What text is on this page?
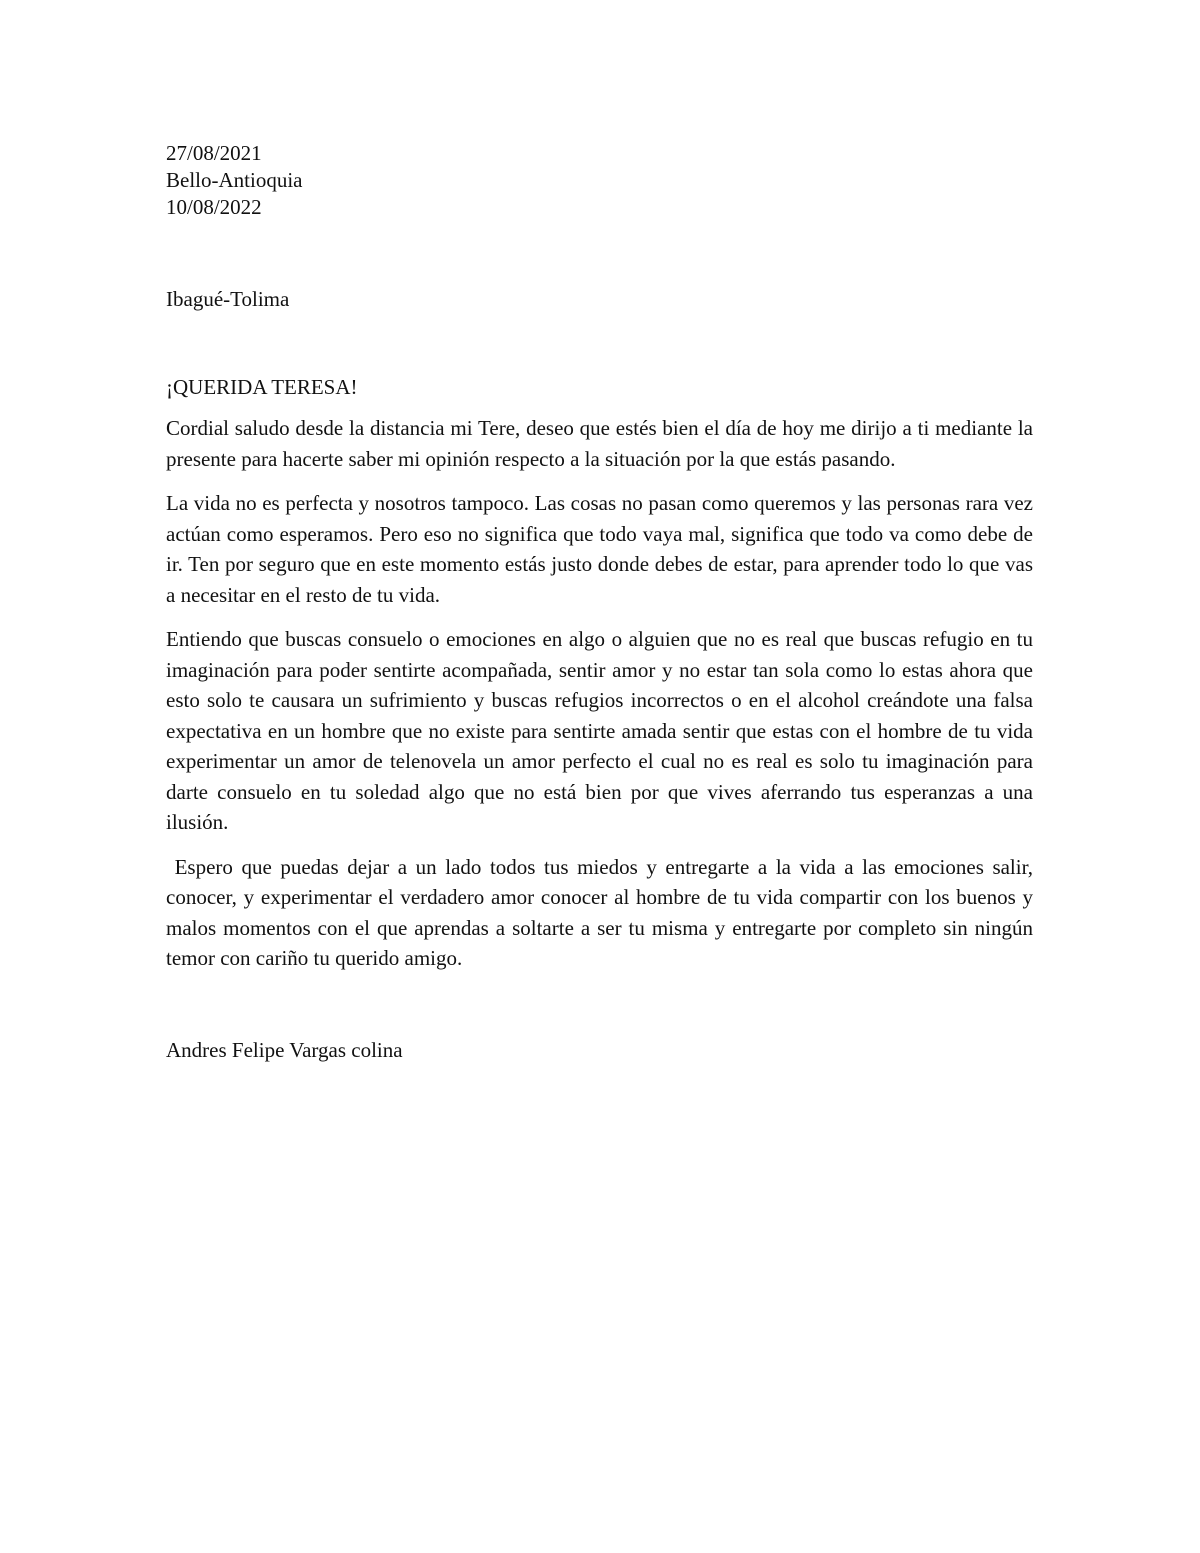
27/08/2021
Bello-Antioquia
10/08/2022
Ibagué-Tolima
¡QUERIDA TERESA!

Cordial saludo desde la distancia mi Tere, deseo que estés bien el día de hoy me dirijo a ti mediante la presente para hacerte saber mi opinión respecto a la situación por la que estás pasando.

La vida no es perfecta y nosotros tampoco. Las cosas no pasan como queremos y las personas rara vez actúan como esperamos. Pero eso no significa que todo vaya mal, significa que todo va como debe de ir. Ten por seguro que en este momento estás justo donde debes de estar, para aprender todo lo que vas a necesitar en el resto de tu vida.

Entiendo que buscas consuelo o emociones en algo o alguien que no es real que buscas refugio en tu imaginación para poder sentirte acompañada, sentir amor y no estar tan sola como lo estas ahora que esto solo te causara un sufrimiento y buscas refugios incorrectos o en el alcohol creándote una falsa expectativa en un hombre que no existe para sentirte amada sentir que estas con el hombre de tu vida experimentar un amor de telenovela un amor perfecto el cual no es real es solo tu imaginación para darte consuelo en tu soledad algo que no está bien por que vives aferrando tus esperanzas a una ilusión.

Espero que puedas dejar a un lado todos tus miedos y entregarte a la vida a las emociones salir, conocer, y experimentar el verdadero amor conocer al hombre de tu vida compartir con los buenos y malos momentos con el que aprendas a soltarte a ser tu misma y entregarte por completo sin ningún temor con cariño tu querido amigo.

Andres Felipe Vargas colina
